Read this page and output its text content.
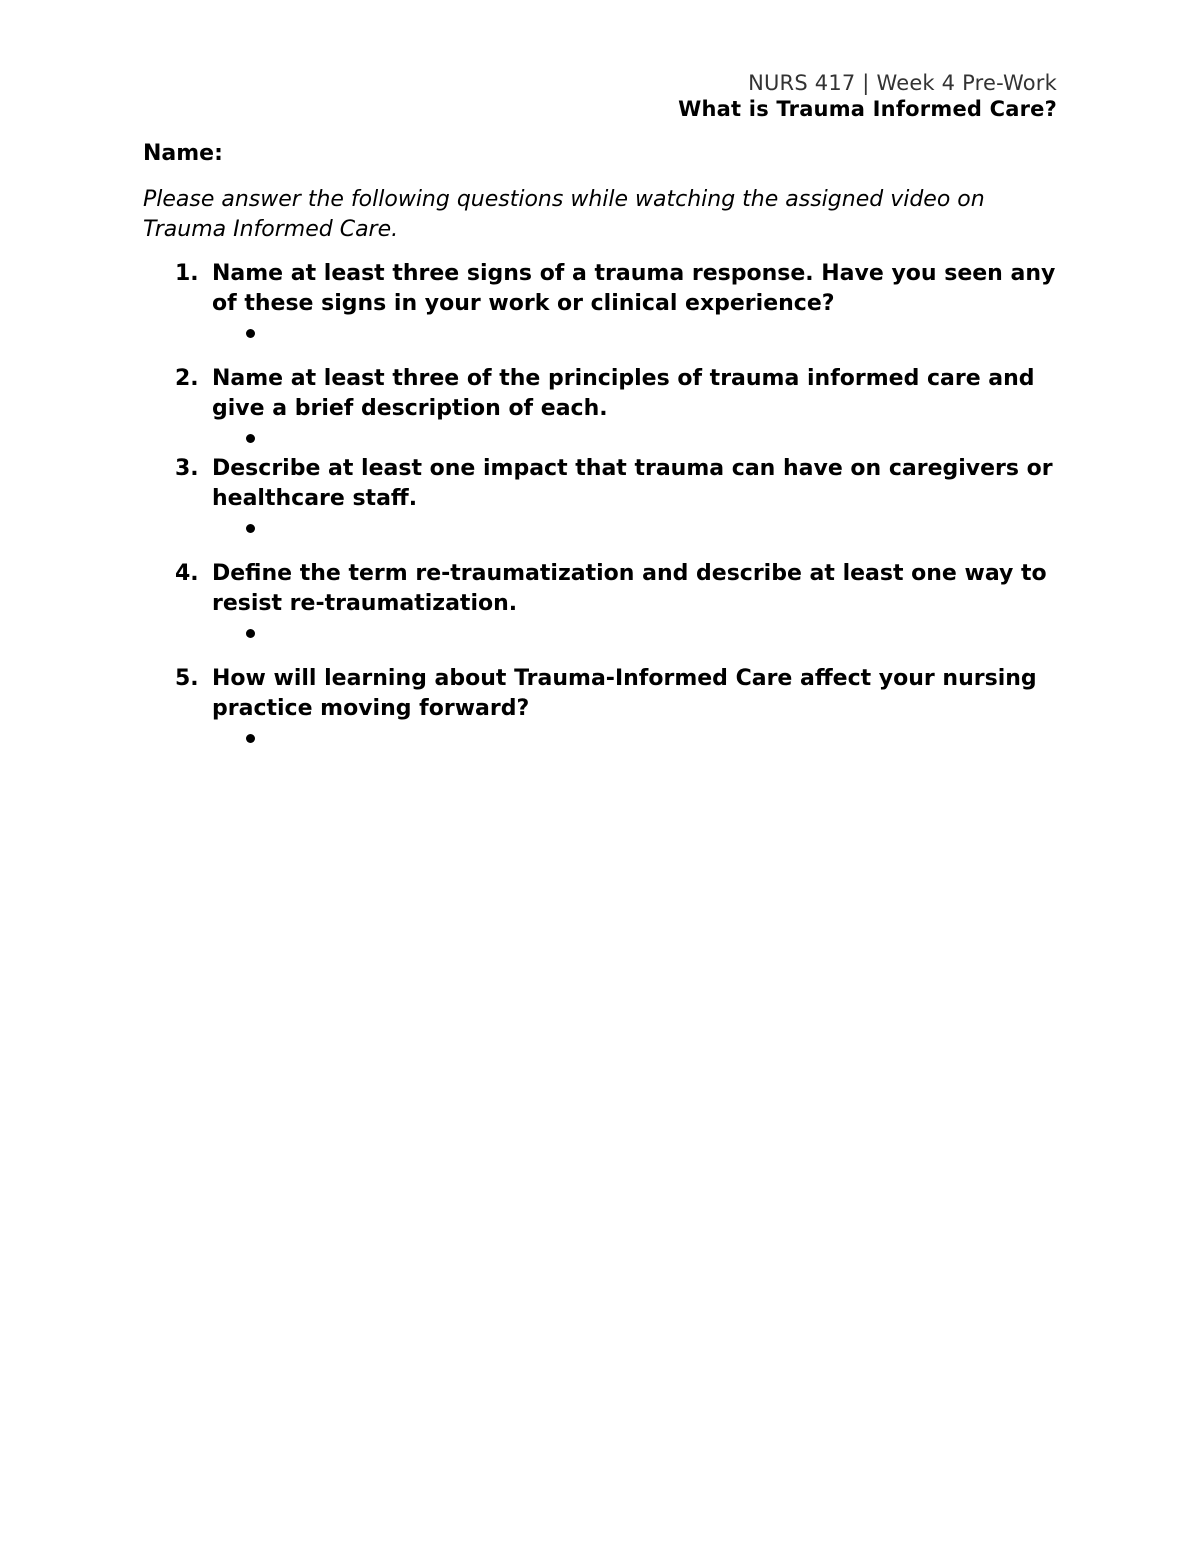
NURS 417 | Week 4 Pre-Work
What is Trauma Informed Care?
Name:
Please answer the following questions while watching the assigned video on Trauma Informed Care.
1. Name at least three signs of a trauma response. Have you seen any of these signs in your work or clinical experience?
2. Name at least three of the principles of trauma informed care and give a brief description of each.
3. Describe at least one impact that trauma can have on caregivers or healthcare staff.
4. Define the term re-traumatization and describe at least one way to resist re-traumatization.
5. How will learning about Trauma-Informed Care affect your nursing practice moving forward?
